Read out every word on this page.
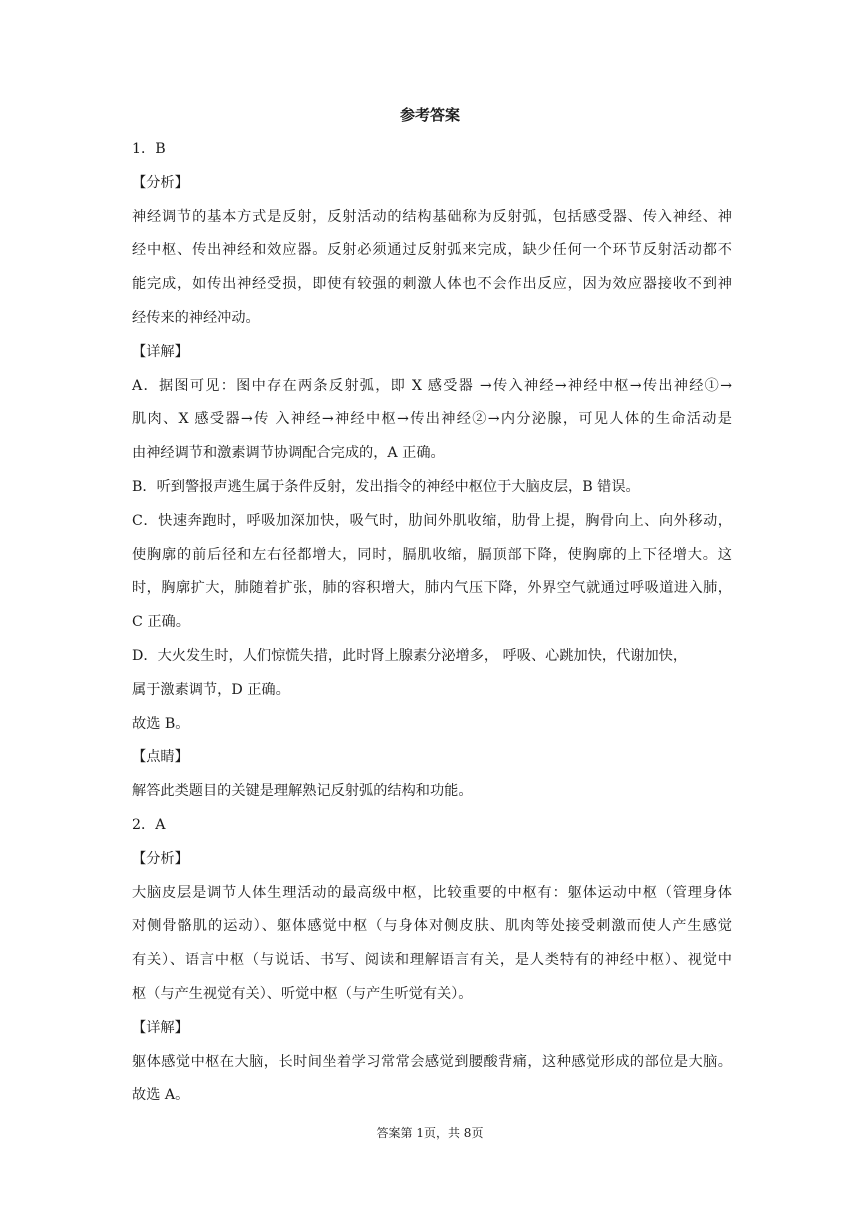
参考答案
1．B
【分析】
神经调节的基本方式是反射，反射活动的结构基础称为反射弧，包括感受器、传入神经、神
经中枢、传出神经和效应器。反射必须通过反射弧来完成，缺少任何一个环节反射活动都不
能完成，如传出神经受损，即使有较强的刺激人体也不会作出反应，因为效应器接收不到神
经传来的神经冲动。
【详解】
A．据图可见：图中存在两条反射弧，即 X 感受器 →传入神经→神经中枢→传出神经①→
肌肉、X 感受器→传 入神经→神经中枢→传出神经②→内分泌腺，可见人体的生命活动是
由神经调节和激素调节协调配合完成的，A 正确。
B．听到警报声逃生属于条件反射，发出指令的神经中枢位于大脑皮层，B 错误。
C．快速奔跑时，呼吸加深加快，吸气时，肋间外肌收缩，肋骨上提，胸骨向上、向外移动，
使胸廓的前后径和左右径都增大，同时，膈肌收缩，膈顶部下降，使胸廓的上下径增大。这
时，胸廓扩大，肺随着扩张，肺的容积增大，肺内气压下降，外界空气就通过呼吸道进入肺，
C 正确。
D．大火发生时，人们惊慌失措，此时肾上腺素分泌增多， 呼吸、心跳加快，代谢加快，
属于激素调节，D 正确。
故选 B。
【点睛】
解答此类题目的关键是理解熟记反射弧的结构和功能。
2．A
【分析】
大脑皮层是调节人体生理活动的最高级中枢，比较重要的中枢有：躯体运动中枢（管理身体
对侧骨骼肌的运动）、躯体感觉中枢（与身体对侧皮肤、肌肉等处接受刺激而使人产生感觉
有关）、语言中枢（与说话、书写、阅读和理解语言有关，是人类特有的神经中枢）、视觉中
枢（与产生视觉有关）、听觉中枢（与产生听觉有关）。
【详解】
躯体感觉中枢在大脑，长时间坐着学习常常会感觉到腰酸背痛，这种感觉形成的部位是大脑。
故选 A。
答案第 1页，共 8页
